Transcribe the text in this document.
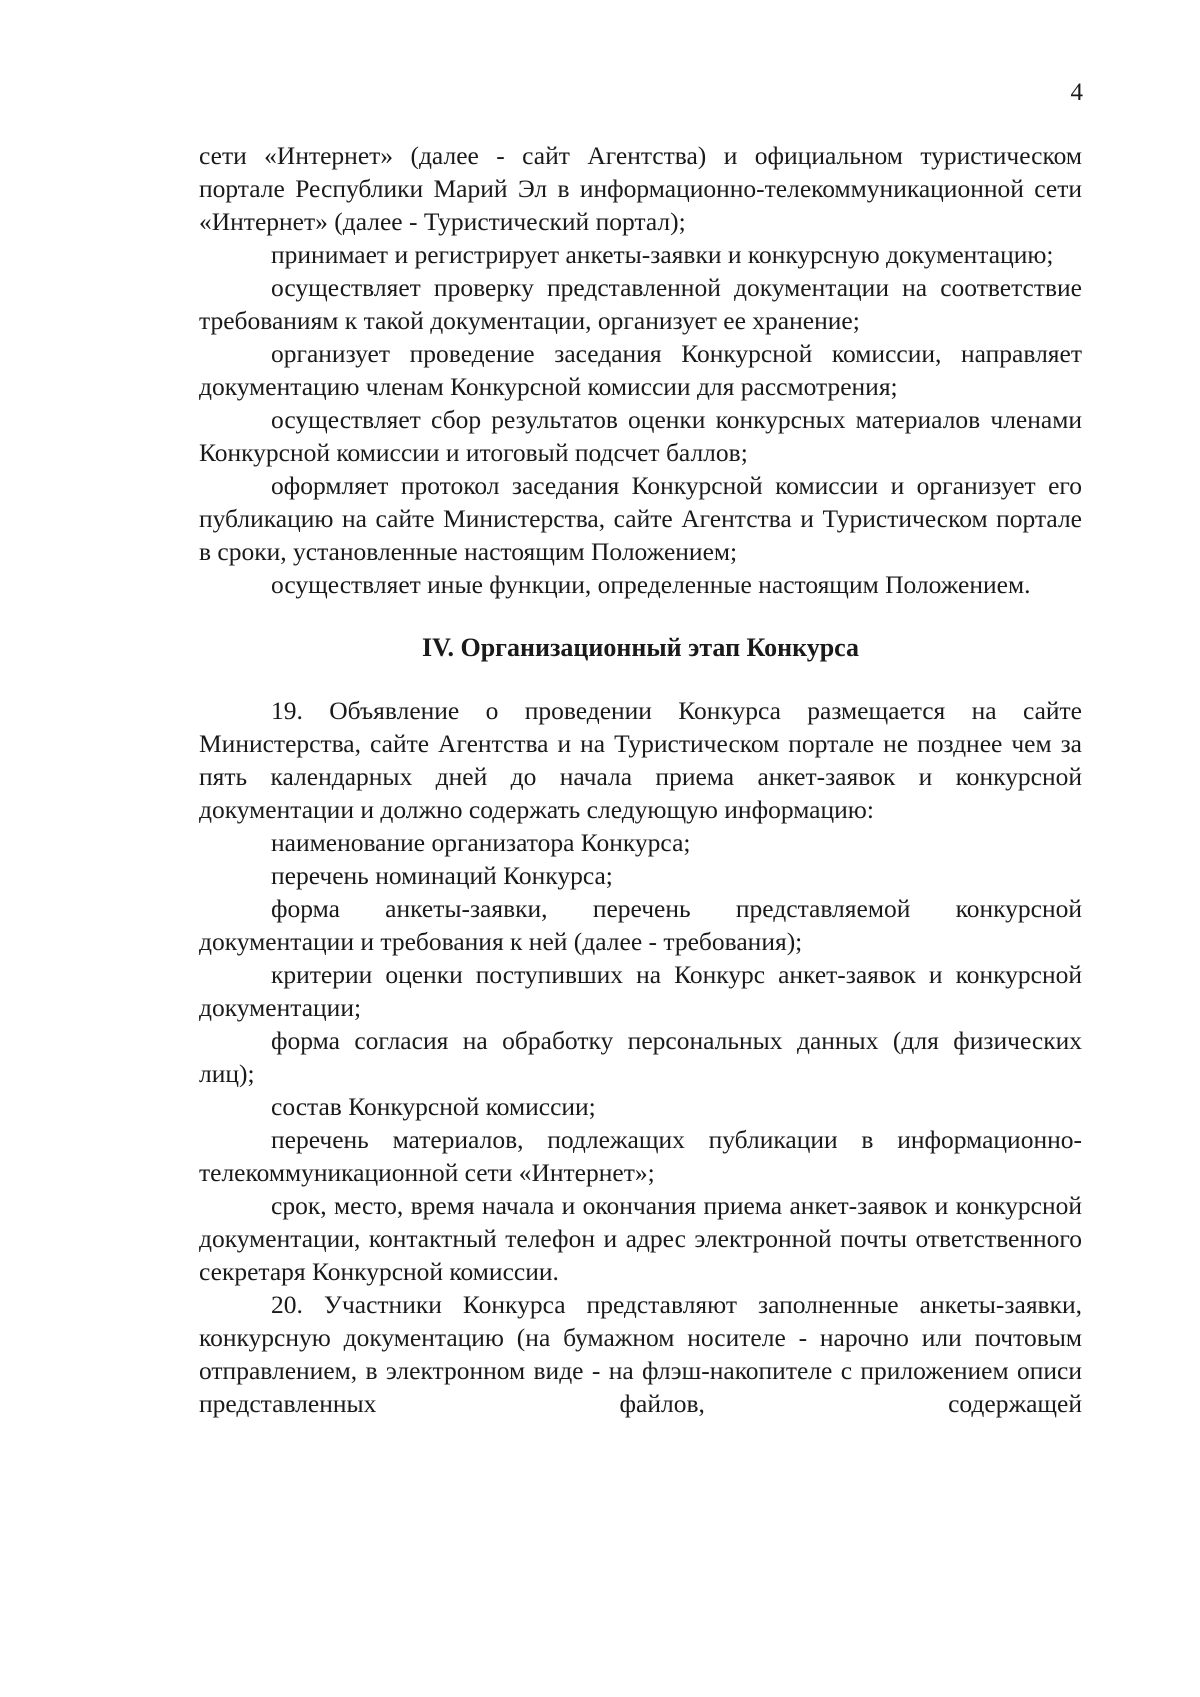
4

сети «Интернет» (далее - сайт Агентства) и официальном туристическом портале Республики Марий Эл в информационно-телекоммуникационной сети «Интернет» (далее - Туристический портал);

принимает и регистрирует анкеты-заявки и конкурсную документацию;

осуществляет проверку представленной документации на соответствие требованиям к такой документации, организует ее хранение;

организует проведение заседания Конкурсной комиссии, направляет документацию членам Конкурсной комиссии для рассмотрения;

осуществляет сбор результатов оценки конкурсных материалов членами Конкурсной комиссии и итоговый подсчет баллов;

оформляет протокол заседания Конкурсной комиссии и организует его публикацию на сайте Министерства, сайте Агентства и Туристическом портале в сроки, установленные настоящим Положением;

осуществляет иные функции, определенные настоящим Положением.

IV. Организационный этап Конкурса

19. Объявление о проведении Конкурса размещается на сайте Министерства, сайте Агентства и на Туристическом портале не позднее чем за пять календарных дней до начала приема анкет-заявок и конкурсной документации и должно содержать следующую информацию:

наименование организатора Конкурса;

перечень номинаций Конкурса;

форма анкеты-заявки, перечень представляемой конкурсной документации и требования к ней (далее - требования);

критерии оценки поступивших на Конкурс анкет-заявок и конкурсной документации;

форма согласия на обработку персональных данных (для физических лиц);

состав Конкурсной комиссии;

перечень материалов, подлежащих публикации в информационно-телекоммуникационной сети «Интернет»;

срок, место, время начала и окончания приема анкет-заявок и конкурсной документации, контактный телефон и адрес электронной почты ответственного секретаря Конкурсной комиссии.

20. Участники Конкурса представляют заполненные анкеты-заявки, конкурсную документацию (на бумажном носителе - нарочно или почтовым отправлением, в электронном виде - на флэш-накопителе с приложением описи представленных файлов, содержащей
